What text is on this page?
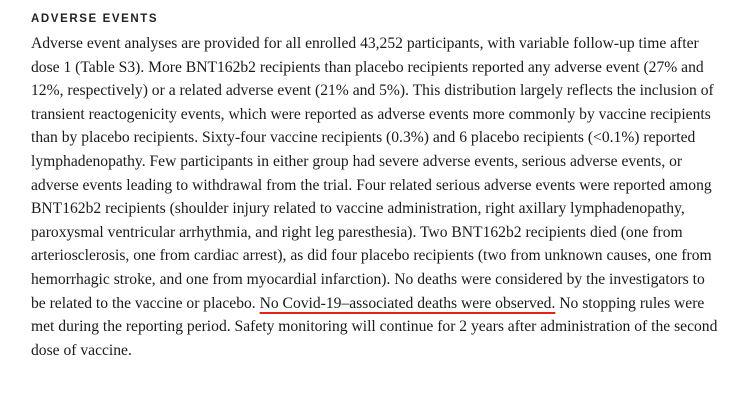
ADVERSE EVENTS

Adverse event analyses are provided for all enrolled 43,252 participants, with variable follow-up time after dose 1 (Table S3). More BNT162b2 recipients than placebo recipients reported any adverse event (27% and 12%, respectively) or a related adverse event (21% and 5%). This distribution largely reflects the inclusion of transient reactogenicity events, which were reported as adverse events more commonly by vaccine recipients than by placebo recipients. Sixty-four vaccine recipients (0.3%) and 6 placebo recipients (<0.1%) reported lymphadenopathy. Few participants in either group had severe adverse events, serious adverse events, or adverse events leading to withdrawal from the trial. Four related serious adverse events were reported among BNT162b2 recipients (shoulder injury related to vaccine administration, right axillary lymphadenopathy, paroxysmal ventricular arrhythmia, and right leg paresthesia). Two BNT162b2 recipients died (one from arteriosclerosis, one from cardiac arrest), as did four placebo recipients (two from unknown causes, one from hemorrhagic stroke, and one from myocardial infarction). No deaths were considered by the investigators to be related to the vaccine or placebo. No Covid-19–associated deaths were observed. No stopping rules were met during the reporting period. Safety monitoring will continue for 2 years after administration of the second dose of vaccine.
